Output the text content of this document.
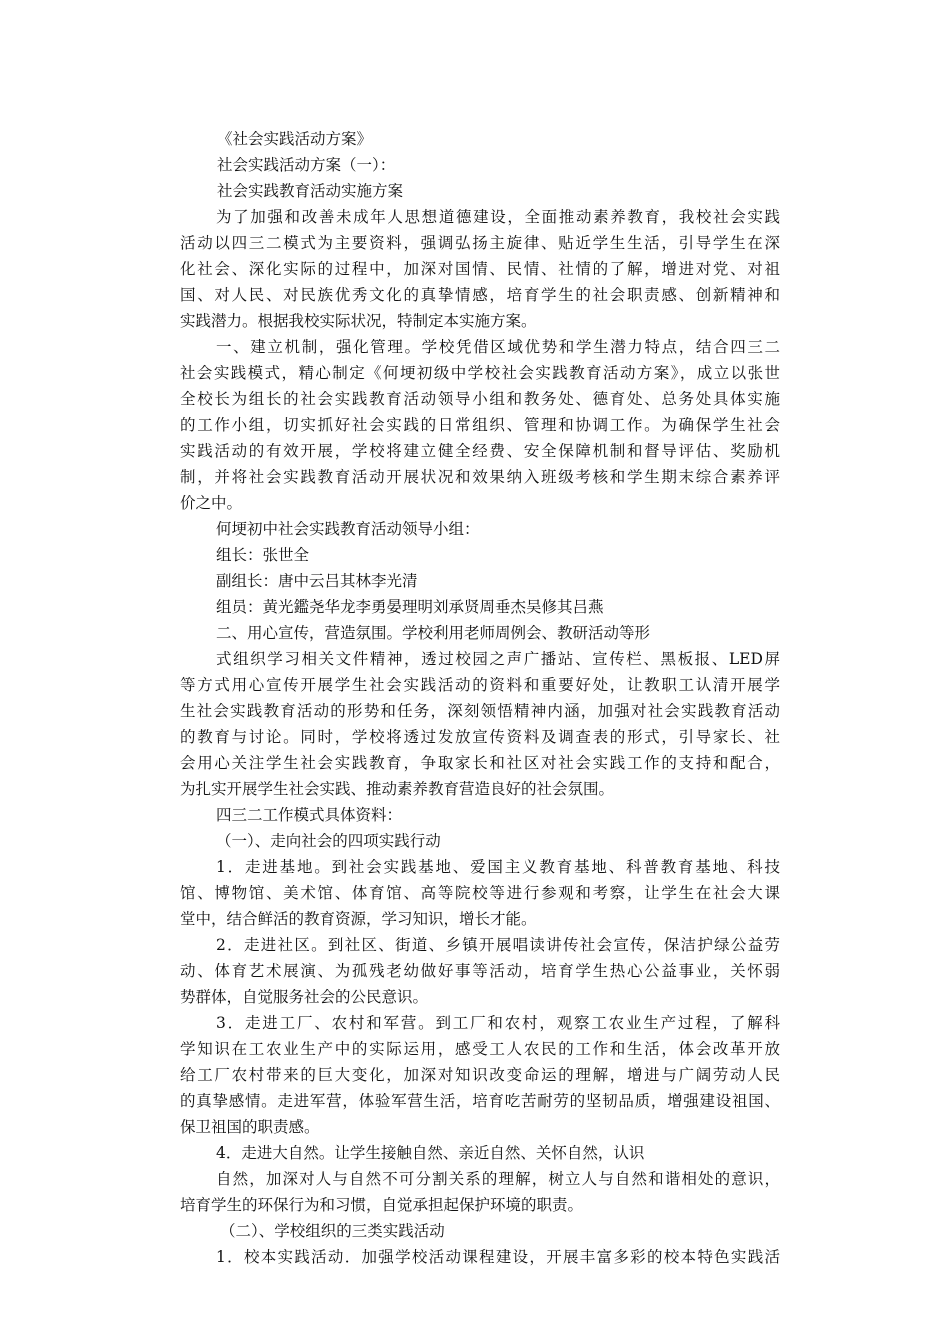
《社会实践活动方案》
社会实践活动方案（一）：
社会实践教育活动实施方案
为了加强和改善未成年人思想道德建设，全面推动素养教育，我校社会实践
活动以四三二模式为主要资料，强调弘扬主旋律、贴近学生生活，引导学生在深
化社会、深化实际的过程中，加深对国情、民情、社情的了解，增进对党、对祖
国、对人民、对民族优秀文化的真挚情感，培育学生的社会职责感、创新精神和
实践潜力。根据我校实际状况，特制定本实施方案。
一、建立机制，强化管理。学校凭借区域优势和学生潜力特点，结合四三二
社会实践模式，精心制定《何埂初级中学校社会实践教育活动方案》，成立以张世
全校长为组长的社会实践教育活动领导小组和教务处、德育处、总务处具体实施
的工作小组，切实抓好社会实践的日常组织、管理和协调工作。为确保学生社会
实践活动的有效开展，学校将建立健全经费、安全保障机制和督导评估、奖励机
制，并将社会实践教育活动开展状况和效果纳入班级考核和学生期末综合素养评
价之中。
何埂初中社会实践教育活动领导小组：
组长：张世全
副组长：唐中云吕其林李光清
组员：黄光鑑尧华龙李勇晏理明刘承贤周垂杰吴修其吕燕
二、用心宣传，营造氛围。学校利用老师周例会、教研活动等形
式组织学习相关文件精神，透过校园之声广播站、宣传栏、黑板报、LED屏
等方式用心宣传开展学生社会实践活动的资料和重要好处，让教职工认清开展学
生社会实践教育活动的形势和任务，深刻领悟精神内涵，加强对社会实践教育活动
的教育与讨论。同时，学校将透过发放宣传资料及调查表的形式，引导家长、社
会用心关注学生社会实践教育，争取家长和社区对社会实践工作的支持和配合，
为扎实开展学生社会实践、推动素养教育营造良好的社会氛围。
四三二工作模式具体资料：
（一）、走向社会的四项实践行动
1．走进基地。到社会实践基地、爱国主义教育基地、科普教育基地、科技
馆、博物馆、美术馆、体育馆、高等院校等进行参观和考察，让学生在社会大课
堂中，结合鲜活的教育资源，学习知识，增长才能。
2．走进社区。到社区、街道、乡镇开展唱读讲传社会宣传，保洁护绿公益劳
动、体育艺术展演、为孤残老幼做好事等活动，培育学生热心公益事业，关怀弱
势群体，自觉服务社会的公民意识。
3．走进工厂、农村和军营。到工厂和农村，观察工农业生产过程，了解科
学知识在工农业生产中的实际运用，感受工人农民的工作和生活，体会改革开放
给工厂农村带来的巨大变化，加深对知识改变命运的理解，增进与广阔劳动人民
的真挚感情。走进军营，体验军营生活，培育吃苦耐劳的坚韧品质，增强建设祖国、
保卫祖国的职责感。
4．走进大自然。让学生接触自然、亲近自然、关怀自然，认识
自然，加深对人与自然不可分割关系的理解，树立人与自然和谐相处的意识，
培育学生的环保行为和习惯，自觉承担起保护环境的职责。
（二）、学校组织的三类实践活动
1．校本实践活动．加强学校活动课程建设，开展丰富多彩的校本特色实践活
